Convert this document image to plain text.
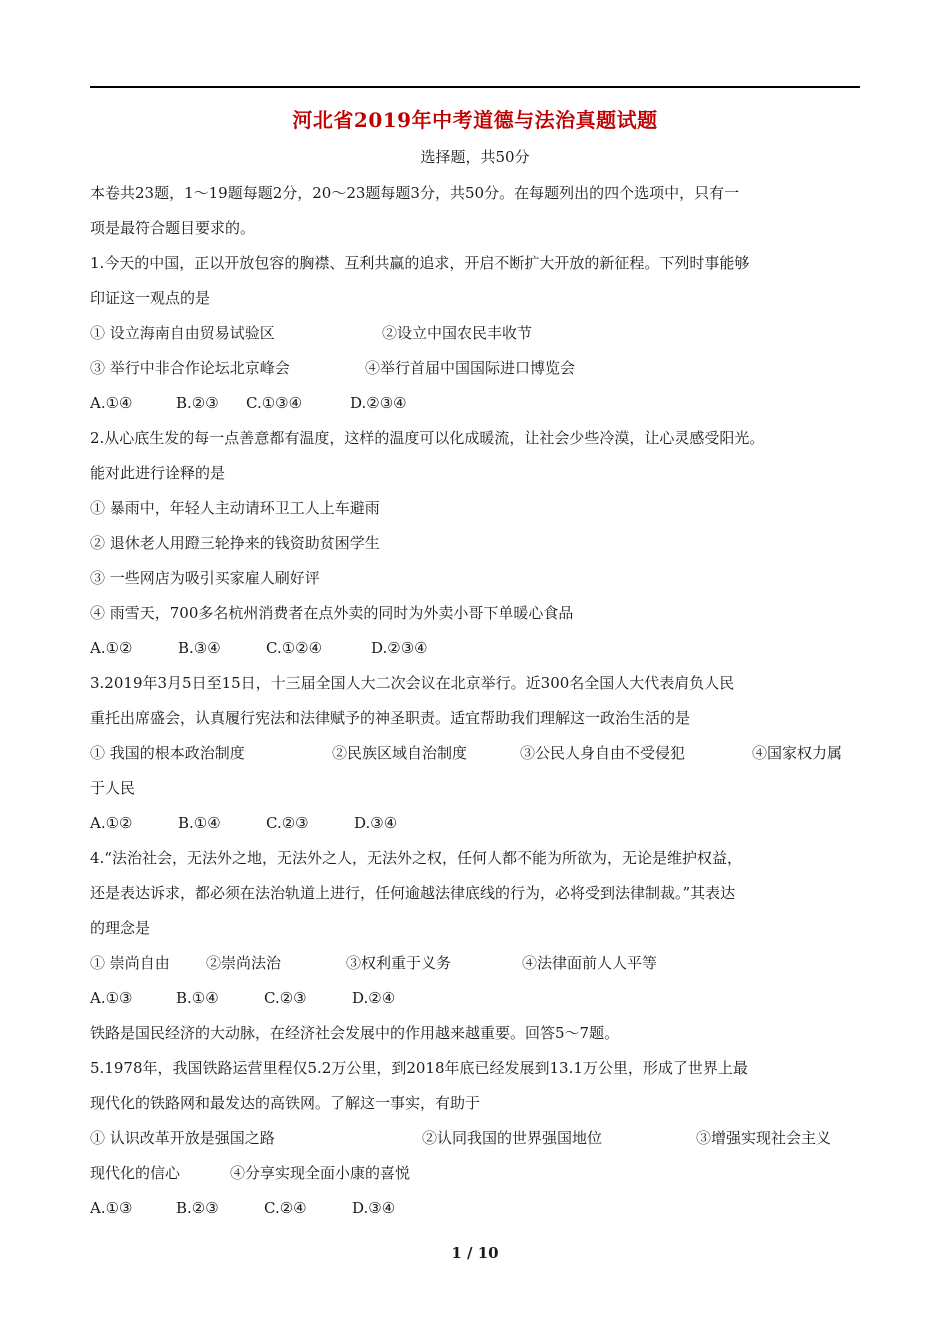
河北省2019年中考道德与法治真题试题
选择题，共50分
本卷共23题，1～19题每题2分，20～23题每题3分，共50分。在每题列出的四个选项中，只有一
项是最符合题目要求的。
1.今天的中国，正以开放包容的胸襟、互利共赢的追求，开启不断扩大开放的新征程。下列时事能够
印证这一观点的是
① 设立海南自由贸易试验区	②设立中国农民丰收节
③ 举行中非合作论坛北京峰会	④举行首届中国国际进口博览会
A.①④	B.②③ C.①③④	D.②③④
2.从心底生发的每一点善意都有温度，这样的温度可以化成暖流，让社会少些冷漠，让心灵感受阳光。
能对此进行诠释的是
① 暴雨中，年轻人主动请环卫工人上车避雨
② 退休老人用蹬三轮挣来的钱资助贫困学生
③ 一些网店为吸引买家雇人刷好评
④ 雨雪天，700多名杭州消费者在点外卖的同时为外卖小哥下单暖心食品
A.①②	B.③④	C.①②④	D.②③④
3.2019年3月5日至15日，十三届全国人大二次会议在北京举行。近300名全国人大代表肩负人民
重托出席盛会，认真履行宪法和法律赋予的神圣职责。适宜帮助我们理解这一政治生活的是
① 我国的根本政治制度	②民族区域自治制度	③公民人身自由不受侵犯	④国家权力属
于人民
A.①②	B.①④	C.②③	D.③④
4.“法治社会，无法外之地，无法外之人，无法外之权，任何人都不能为所欲为，无论是维护权益，
还是表达诉求，都必须在法治轨道上进行，任何逾越法律底线的行为，必将受到法律制裁。”其表达
的理念是
① 崇尚自由 ②崇尚法治	③权利重于义务	④法律面前人人平等
A.①③	B.①④	C.②③	D.②④
铁路是国民经济的大动脉，在经济社会发展中的作用越来越重要。回答5～7题。
5.1978年，我国铁路运营里程仅5.2万公里，到2018年底已经发展到13.1万公里，形成了世界上最
现代化的铁路网和最发达的高铁网。了解这一事实，有助于
① 认识改革开放是强国之路	②认同我国的世界强国地位	③增强实现社会主义
现代化的信心	④分享实现全面小康的喜悦
A.①③	B.②③	C.②④	D.③④
1 / 10
